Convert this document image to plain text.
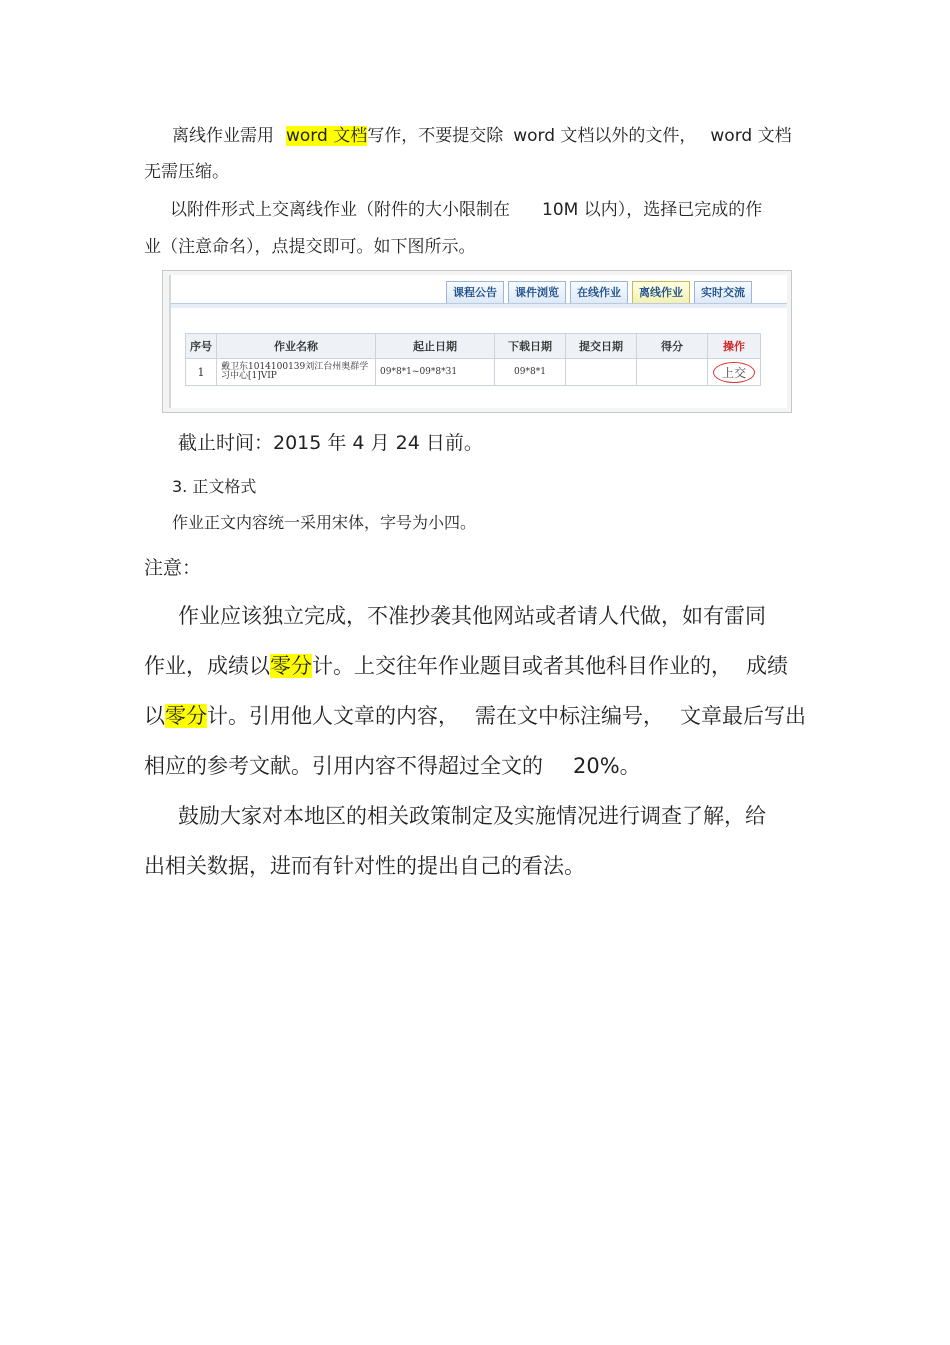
离线作业需用 word 文档写作，不要提交除 word 文档以外的文件， word 文档
无需压缩。
以附件形式上交离线作业（附件的大小限制在 10M 以内），选择已完成的作
业（注意命名），点提交即可。如下图所示。
课程公告	课件浏览	在线作业	离线作业	实时交流
序号	作业名称	起止日期	下载日期	提交日期	得分	操作
1	戴卫东1014100139刘江台州奥群学习中心[1]VIP	09*8*1~09*8*31	09*8*1			上交
截止时间：2015 年 4 月 24 日前。
3. 正文格式
作业正文内容统一采用宋体，字号为小四。
注意：
作业应该独立完成，不准抄袭其他网站或者请人代做，如有雷同
作业，成绩以零分计。上交往年作业题目或者其他科目作业的， 成绩
以零分计。引用他人文章的内容， 需在文中标注编号， 文章最后写出
相应的参考文献。引用内容不得超过全文的 20%。
鼓励大家对本地区的相关政策制定及实施情况进行调查了解，给
出相关数据，进而有针对性的提出自己的看法。
